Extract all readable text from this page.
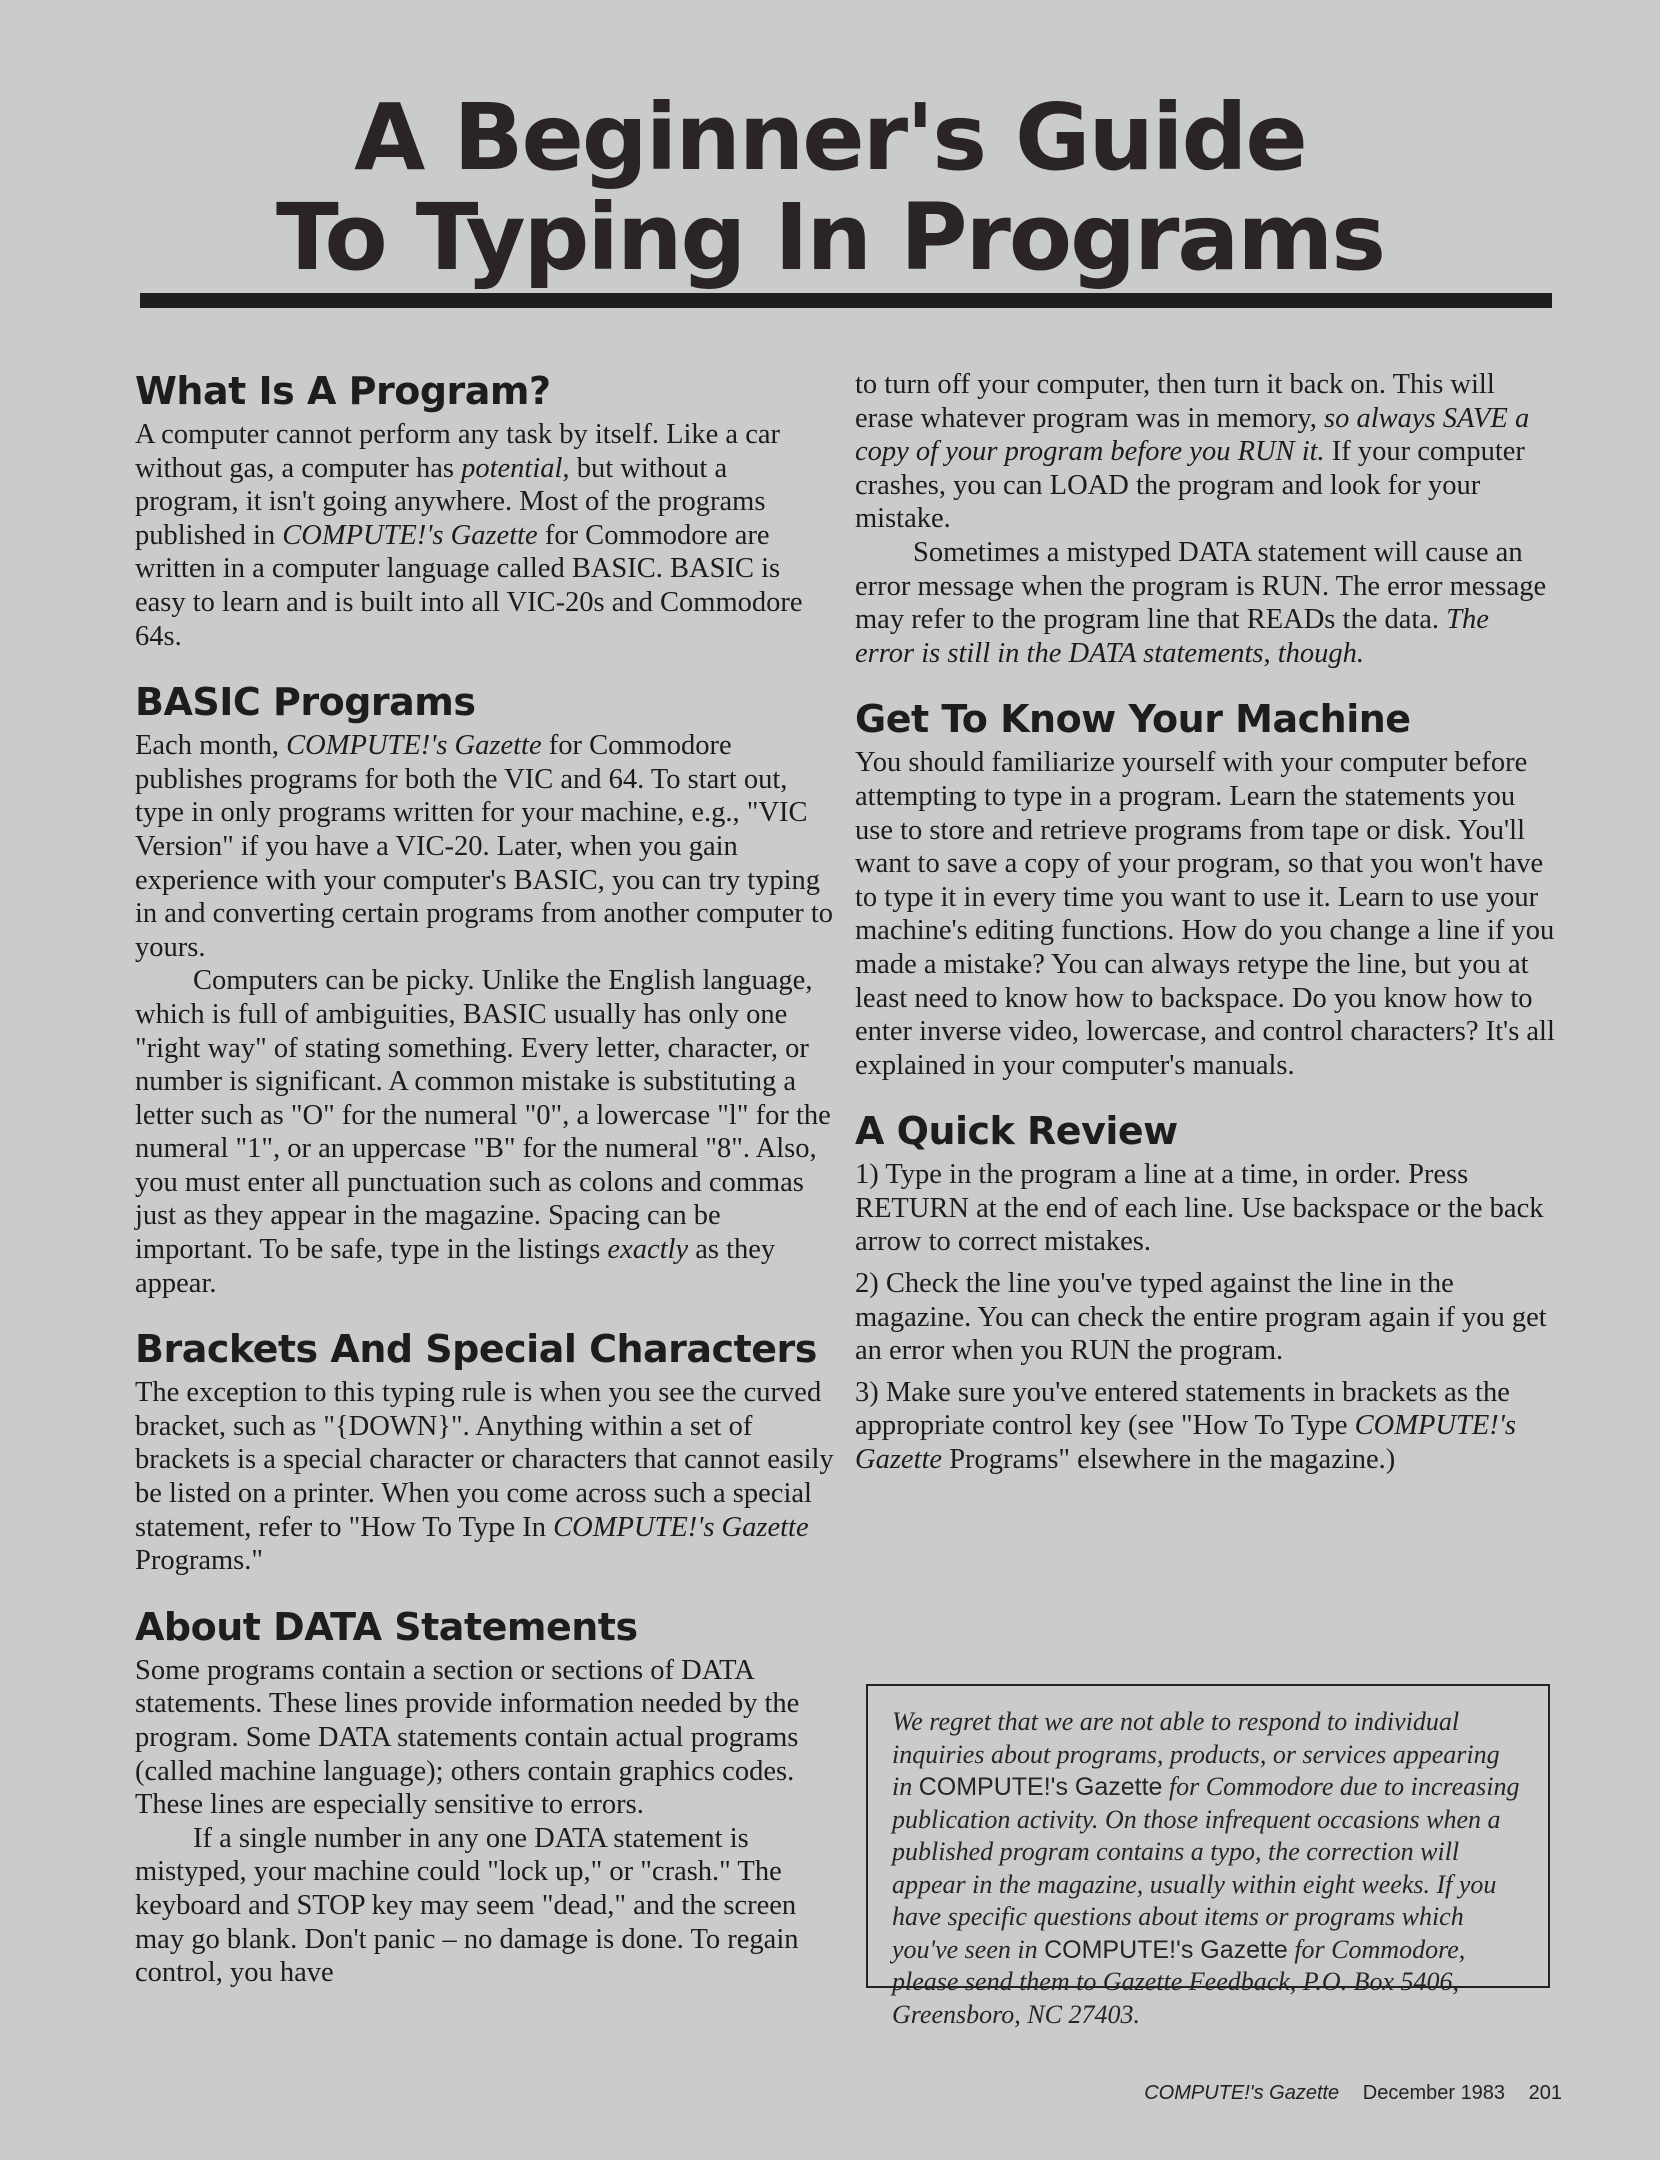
A Beginner's Guide
To Typing In Programs
What Is A Program?

A computer cannot perform any task by itself. Like a car without gas, a computer has potential, but without a program, it isn't going anywhere. Most of the programs published in COMPUTE!'s Gazette for Commodore are written in a computer language called BASIC. BASIC is easy to learn and is built into all VIC-20s and Commodore 64s.

BASIC Programs

Each month, COMPUTE!'s Gazette for Commodore publishes programs for both the VIC and 64. To start out, type in only programs written for your machine, e.g., "VIC Version" if you have a VIC-20. Later, when you gain experience with your computer's BASIC, you can try typing in and converting certain programs from another computer to yours.

Computers can be picky. Unlike the English language, which is full of ambiguities, BASIC usually has only one "right way" of stating something. Every letter, character, or number is significant. A common mistake is substituting a letter such as "O" for the numeral "0", a lowercase "l" for the numeral "1", or an uppercase "B" for the numeral "8". Also, you must enter all punctuation such as colons and commas just as they appear in the magazine. Spacing can be important. To be safe, type in the listings exactly as they appear.

Brackets And Special Characters

The exception to this typing rule is when you see the curved bracket, such as "{DOWN}". Anything within a set of brackets is a special character or characters that cannot easily be listed on a printer. When you come across such a special statement, refer to "How To Type In COMPUTE!'s Gazette Programs."

About DATA Statements

Some programs contain a section or sections of DATA statements. These lines provide information needed by the program. Some DATA statements contain actual programs (called machine language); others contain graphics codes. These lines are especially sensitive to errors.

If a single number in any one DATA statement is mistyped, your machine could "lock up," or "crash." The keyboard and STOP key may seem "dead," and the screen may go blank. Don't panic – no damage is done. To regain control, you have

to turn off your computer, then turn it back on. This will erase whatever program was in memory, so always SAVE a copy of your program before you RUN it. If your computer crashes, you can LOAD the program and look for your mistake.

Sometimes a mistyped DATA statement will cause an error message when the program is RUN. The error message may refer to the program line that READs the data. The error is still in the DATA statements, though.

Get To Know Your Machine

You should familiarize yourself with your computer before attempting to type in a program. Learn the statements you use to store and retrieve programs from tape or disk. You'll want to save a copy of your program, so that you won't have to type it in every time you want to use it. Learn to use your machine's editing functions. How do you change a line if you made a mistake? You can always retype the line, but you at least need to know how to backspace. Do you know how to enter inverse video, lowercase, and control characters? It's all explained in your computer's manuals.

A Quick Review

1) Type in the program a line at a time, in order. Press RETURN at the end of each line. Use backspace or the back arrow to correct mistakes.

2) Check the line you've typed against the line in the magazine. You can check the entire program again if you get an error when you RUN the program.

3) Make sure you've entered statements in brackets as the appropriate control key (see "How To Type COMPUTE!'s Gazette Programs" elsewhere in the magazine.)

We regret that we are not able to respond to individual inquiries about programs, products, or services appearing in COMPUTE!'s Gazette for Commodore due to increasing publication activity. On those infrequent occasions when a published program contains a typo, the correction will appear in the magazine, usually within eight weeks. If you have specific questions about items or programs which you've seen in COMPUTE!'s Gazette for Commodore, please send them to Gazette Feedback, P.O. Box 5406, Greensboro, NC 27403.
COMPUTE!'s Gazette December 1983 201
